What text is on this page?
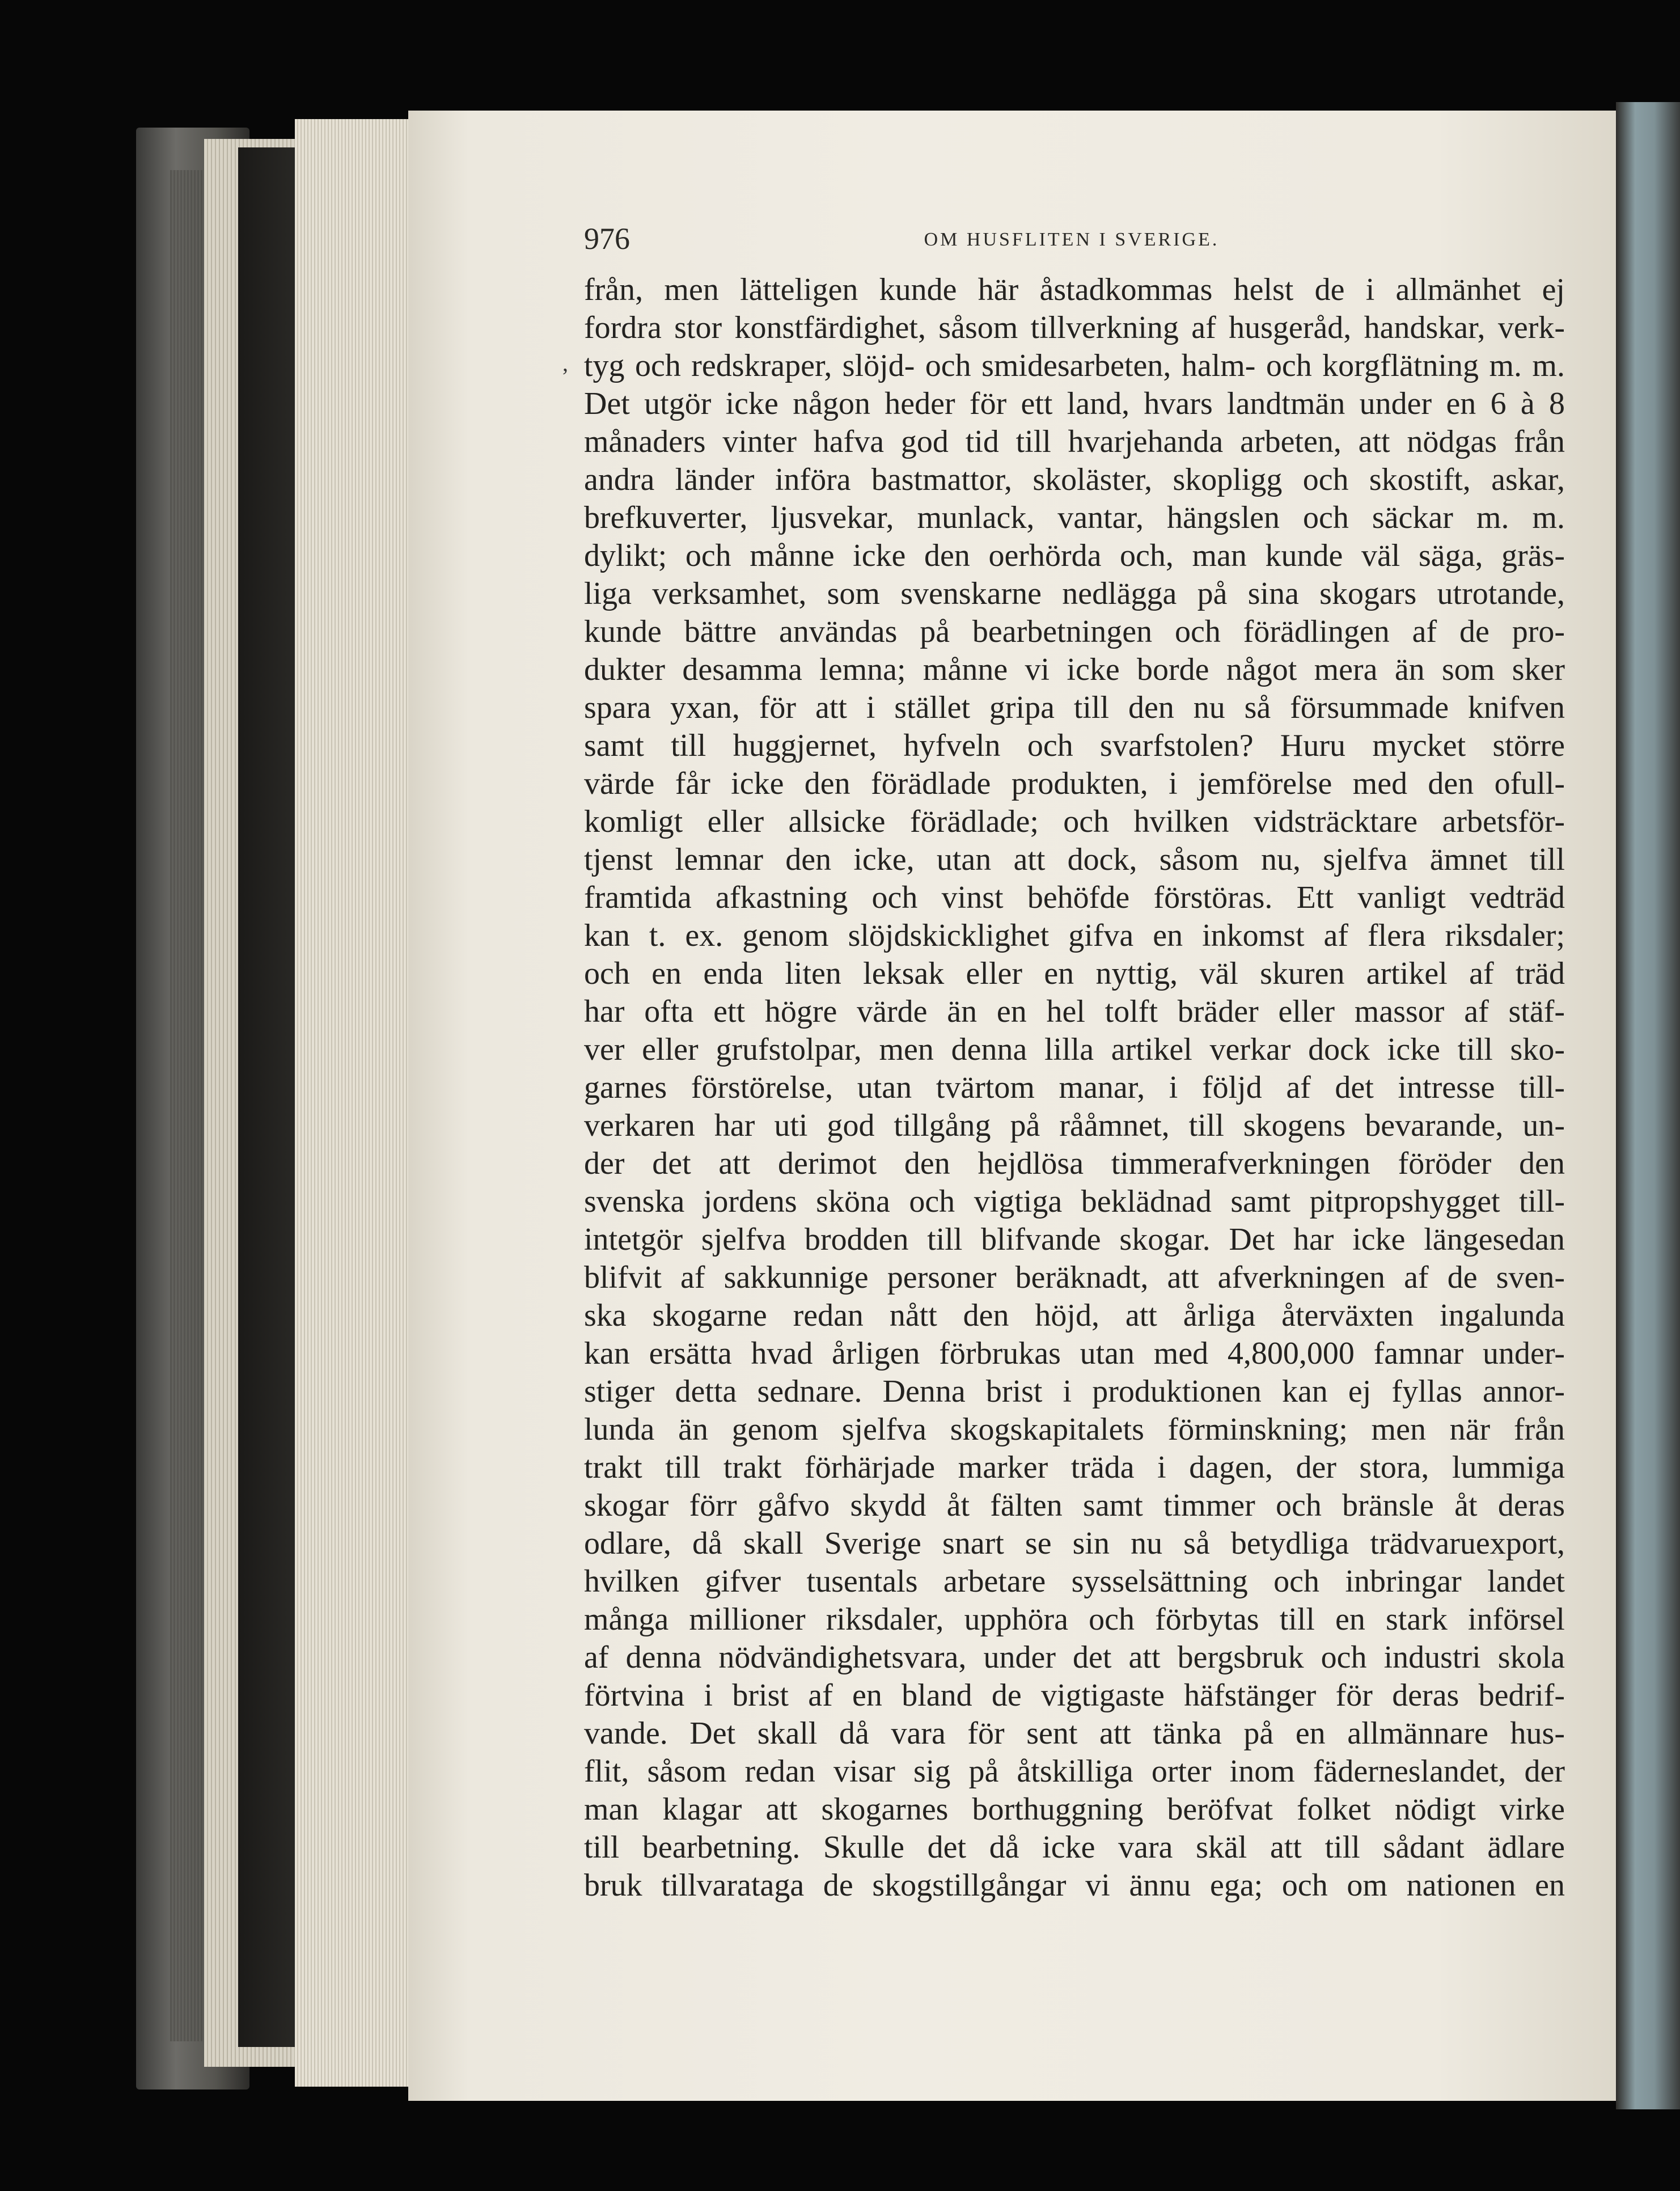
976	OM HUSFLITEN I SVERIGE.
ʼ
från, men lätteligen kunde här åstadkommas helst de i allmänhet ej
fordra stor konstfärdighet, såsom tillverkning af husgeråd, handskar, verk-
tyg och redskraper, slöjd- och smidesarbeten, halm- och korgflätning m. m.
Det utgör icke någon heder för ett land, hvars landtmän under en 6 à 8
månaders vinter hafva god tid till hvarjehanda arbeten, att nödgas från
andra länder införa bastmattor, skoläster, skopligg och skostift, askar,
brefkuverter, ljusvekar, munlack, vantar, hängslen och säckar m. m.
dylikt; och månne icke den oerhörda och, man kunde väl säga, gräs-
liga verksamhet, som svenskarne nedlägga på sina skogars utrotande,
kunde bättre användas på bearbetningen och förädlingen af de pro-
dukter desamma lemna; månne vi icke borde något mera än som sker
spara yxan, för att i stället gripa till den nu så försummade knifven
samt till huggjernet, hyfveln och svarfstolen? Huru mycket större
värde får icke den förädlade produkten, i jemförelse med den ofull-
komligt eller allsicke förädlade; och hvilken vidsträcktare arbetsför-
tjenst lemnar den icke, utan att dock, såsom nu, sjelfva ämnet till
framtida afkastning och vinst behöfde förstöras. Ett vanligt vedträd
kan t. ex. genom slöjdskicklighet gifva en inkomst af flera riksdaler;
och en enda liten leksak eller en nyttig, väl skuren artikel af träd
har ofta ett högre värde än en hel tolft bräder eller massor af stäf-
ver eller grufstolpar, men denna lilla artikel verkar dock icke till sko-
garnes förstörelse, utan tvärtom manar, i följd af det intresse till-
verkaren har uti god tillgång på rååmnet, till skogens bevarande, un-
der det att derimot den hejdlösa timmerafverkningen föröder den
svenska jordens sköna och vigtiga beklädnad samt pitpropshygget till-
intetgör sjelfva brodden till blifvande skogar. Det har icke längesedan
blifvit af sakkunnige personer beräknadt, att afverkningen af de sven-
ska skogarne redan nått den höjd, att årliga återväxten ingalunda
kan ersätta hvad årligen förbrukas utan med 4,800,000 famnar under-
stiger detta sednare. Denna brist i produktionen kan ej fyllas annor-
lunda än genom sjelfva skogskapitalets förminskning; men när från
trakt till trakt förhärjade marker träda i dagen, der stora, lummiga
skogar förr gåfvo skydd åt fälten samt timmer och bränsle åt deras
odlare, då skall Sverige snart se sin nu så betydliga trädvaruexport,
hvilken gifver tusentals arbetare sysselsättning och inbringar landet
många millioner riksdaler, upphöra och förbytas till en stark införsel
af denna nödvändighetsvara, under det att bergsbruk och industri skola
förtvina i brist af en bland de vigtigaste häfstänger för deras bedrif-
vande. Det skall då vara för sent att tänka på en allmännare hus-
flit, såsom redan visar sig på åtskilliga orter inom fäderneslandet, der
man klagar att skogarnes borthuggning beröfvat folket nödigt virke
till bearbetning. Skulle det då icke vara skäl att till sådant ädlare
bruk tillvarataga de skogstillgångar vi ännu ega; och om nationen en
